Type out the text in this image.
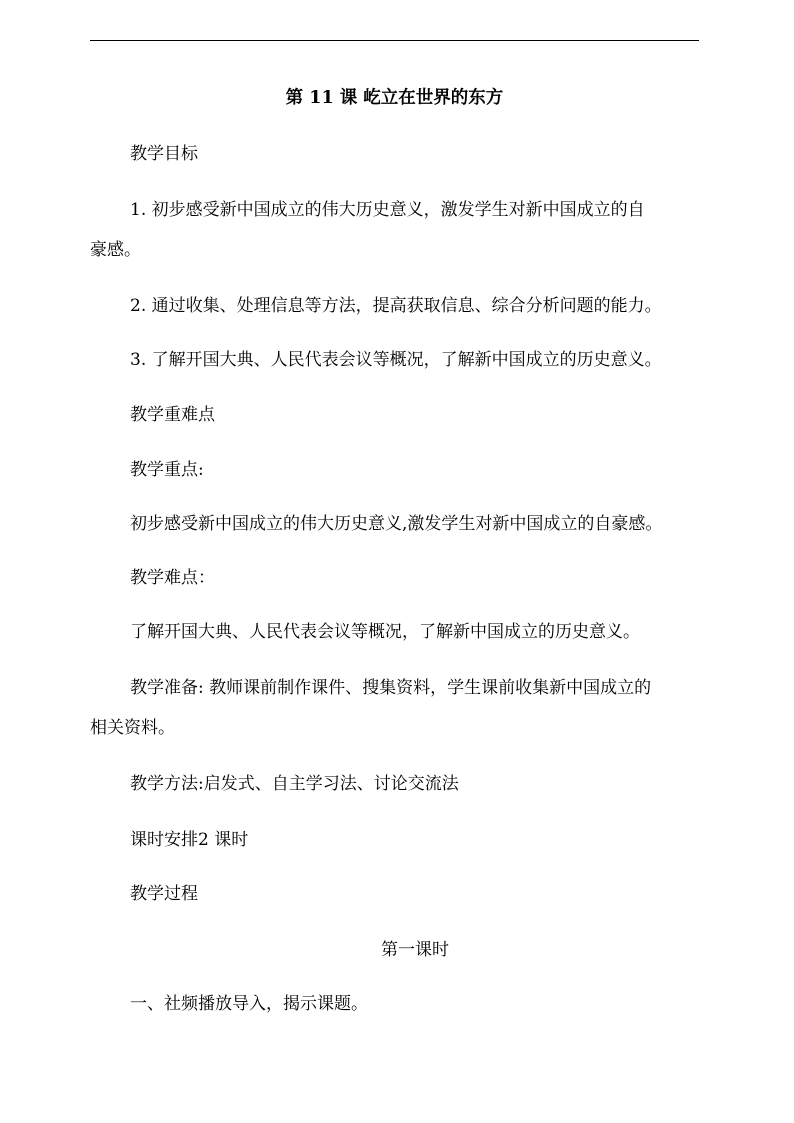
第 11 课 屹立在世界的东方
教学目标
1. 初步感受新中国成立的伟大历史意义，激发学生对新中国成立的自
豪感。
2. 通过收集、处理信息等方法，提高获取信息、综合分析问题的能力。
3. 了解开国大典、人民代表会议等概况，了解新中国成立的历史意义。
教学重难点
教学重点:
初步感受新中国成立的伟大历史意义,激发学生对新中国成立的自豪感。
教学难点：
了解开国大典、人民代表会议等概况，了解新中国成立的历史意义。
教学准备: 教师课前制作课件、搜集资料，学生课前收集新中国成立的
相关资料。
教学方法:启发式、自主学习法、讨论交流法
课时安排2 课时
教学过程
第一课时
一、社频播放导入，揭示课题。
